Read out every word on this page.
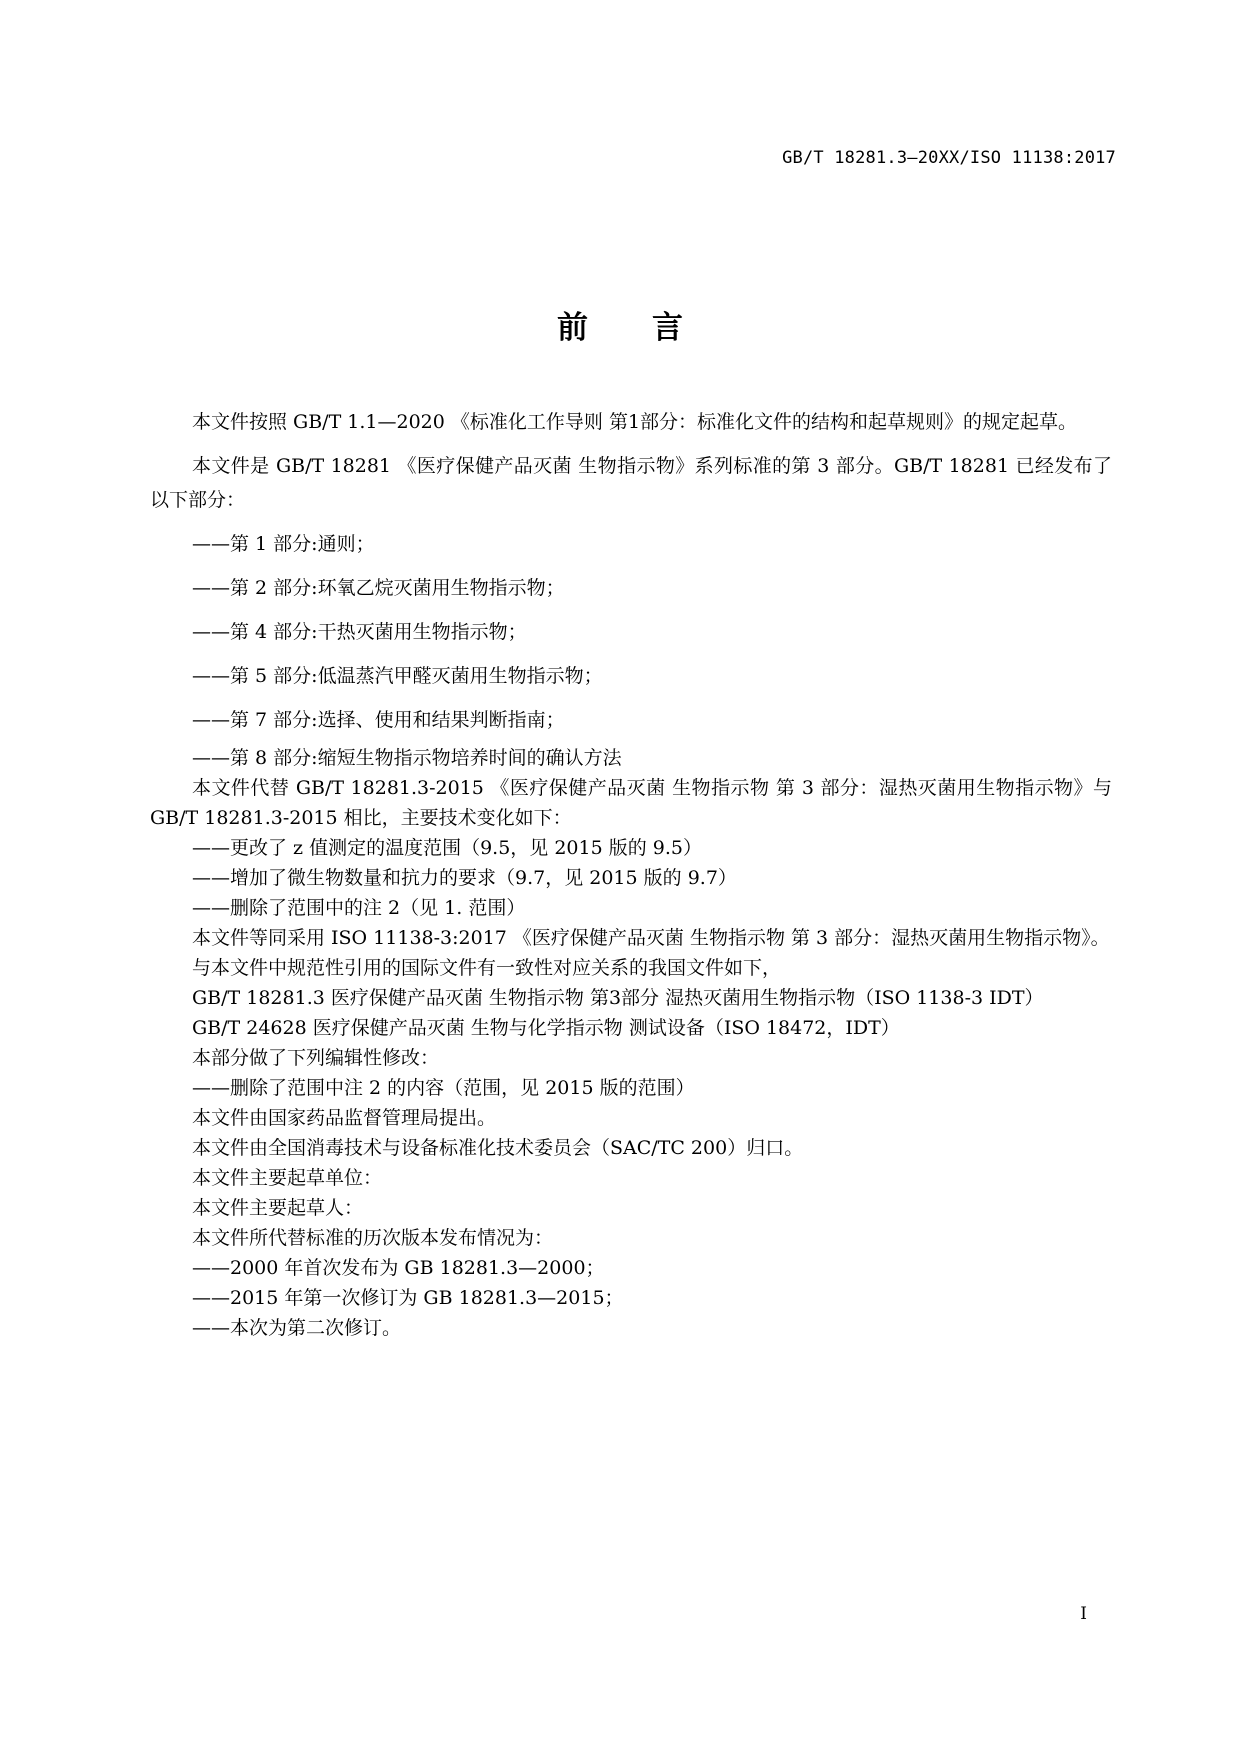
GB/T 18281.3—20XX/ISO 11138:2017
前言

本文件按照 GB/T 1.1—2020 《标准化工作导则 第1部分：标准化文件的结构和起草规则》的规定起草。

本文件是 GB/T 18281 《医疗保健产品灭菌 生物指示物》系列标准的第 3 部分。GB/T 18281 已经发布了以下部分：

——第 1 部分:通则；
——第 2 部分:环氧乙烷灭菌用生物指示物；
——第 4 部分:干热灭菌用生物指示物；
——第 5 部分:低温蒸汽甲醛灭菌用生物指示物；
——第 7 部分:选择、使用和结果判断指南；
——第 8 部分:缩短生物指示物培养时间的确认方法

本文件代替 GB/T 18281.3-2015 《医疗保健产品灭菌 生物指示物 第 3 部分：湿热灭菌用生物指示物》与 GB/T 18281.3-2015 相比，主要技术变化如下：

——更改了 z 值测定的温度范围（9.5，见 2015 版的 9.5）
——增加了微生物数量和抗力的要求（9.7，见 2015 版的 9.7）
——删除了范围中的注 2（见 1. 范围）

本文件等同采用 ISO 11138-3:2017 《医疗保健产品灭菌 生物指示物 第 3 部分：湿热灭菌用生物指示物》。

与本文件中规范性引用的国际文件有一致性对应关系的我国文件如下，
GB/T 18281.3 医疗保健产品灭菌 生物指示物 第3部分 湿热灭菌用生物指示物（ISO 1138-3 IDT）
GB/T 24628 医疗保健产品灭菌 生物与化学指示物 测试设备（ISO 18472，IDT）
本部分做了下列编辑性修改：
——删除了范围中注 2 的内容（范围，见 2015 版的范围）
本文件由国家药品监督管理局提出。
本文件由全国消毒技术与设备标准化技术委员会（SAC/TC 200）归口。
本文件主要起草单位：
本文件主要起草人：
本文件所代替标准的历次版本发布情况为：
——2000 年首次发布为 GB 18281.3—2000；
——2015 年第一次修订为 GB 18281.3—2015；
——本次为第二次修订。
I
